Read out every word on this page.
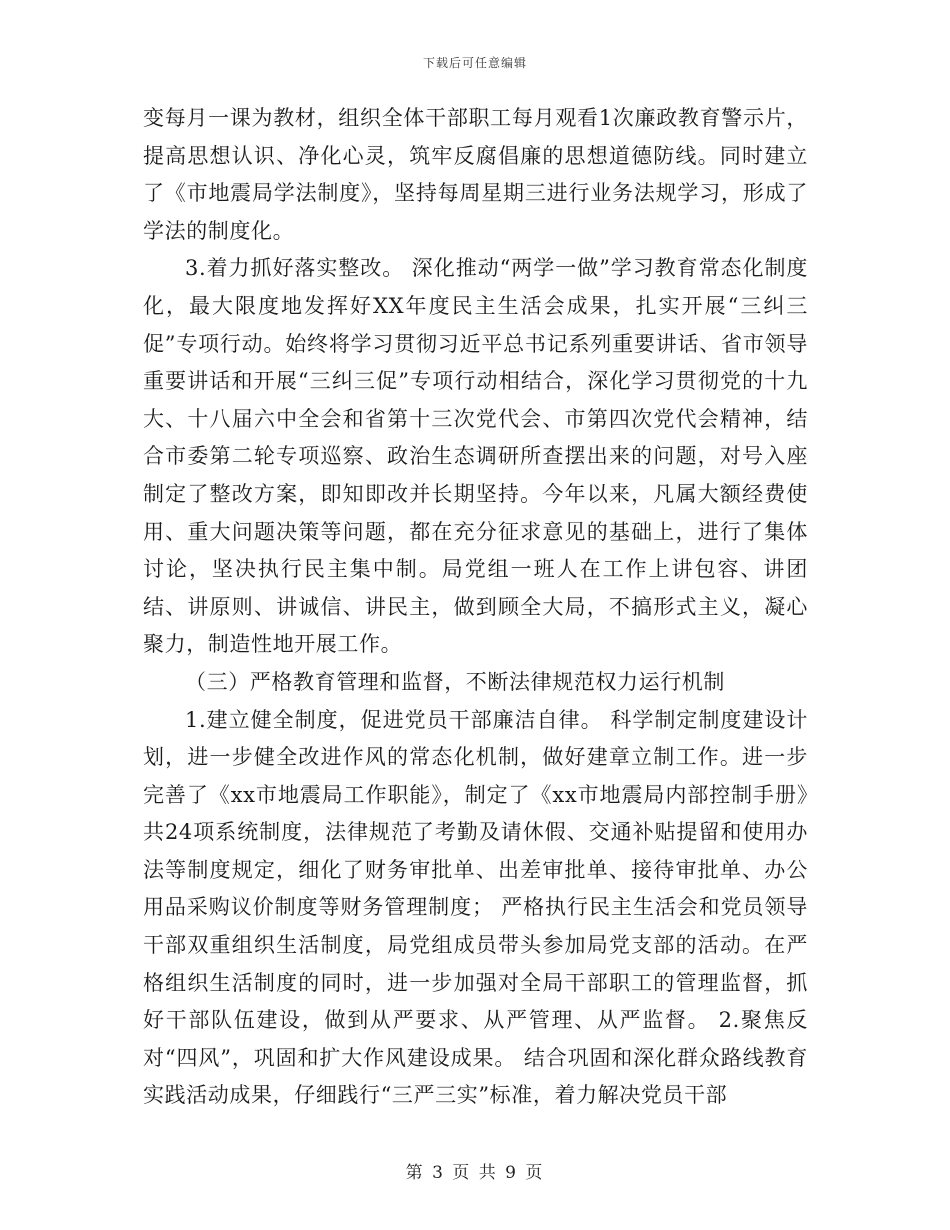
下载后可任意编辑

变每月一课为教材，组织全体干部职工每月观看1次廉政教育警示片，提高思想认识、净化心灵，筑牢反腐倡廉的思想道德防线。同时建立了《市地震局学法制度》，坚持每周星期三进行业务法规学习，形成了学法的制度化。

3.着力抓好落实整改。 深化推动“两学一做”学习教育常态化制度化，最大限度地发挥好XX年度民主生活会成果，扎实开展“三纠三促”专项行动。始终将学习贯彻习近平总书记系列重要讲话、省市领导重要讲话和开展“三纠三促”专项行动相结合，深化学习贯彻党的十九大、十八届六中全会和省第十三次党代会、市第四次党代会精神，结合市委第二轮专项巡察、政治生态调研所查摆出来的问题，对号入座制定了整改方案，即知即改并长期坚持。今年以来，凡属大额经费使用、重大问题决策等问题，都在充分征求意见的基础上，进行了集体讨论，坚决执行民主集中制。局党组一班人在工作上讲包容、讲团结、讲原则、讲诚信、讲民主，做到顾全大局，不搞形式主义，凝心聚力，制造性地开展工作。

（三）严格教育管理和监督，不断法律规范权力运行机制

1.建立健全制度，促进党员干部廉洁自律。 科学制定制度建设计划，进一步健全改进作风的常态化机制，做好建章立制工作。进一步完善了《xx市地震局工作职能》，制定了《xx市地震局内部控制手册》共24项系统制度，法律规范了考勤及请休假、交通补贴提留和使用办法等制度规定，细化了财务审批单、出差审批单、接待审批单、办公用品采购议价制度等财务管理制度； 严格执行民主生活会和党员领导干部双重组织生活制度，局党组成员带头参加局党支部的活动。在严格组织生活制度的同时，进一步加强对全局干部职工的管理监督，抓好干部队伍建设，做到从严要求、从严管理、从严监督。 2.聚焦反对“四风”，巩固和扩大作风建设成果。 结合巩固和深化群众路线教育实践活动成果，仔细践行“三严三实”标准，着力解决党员干部

第 3 页 共 9 页
